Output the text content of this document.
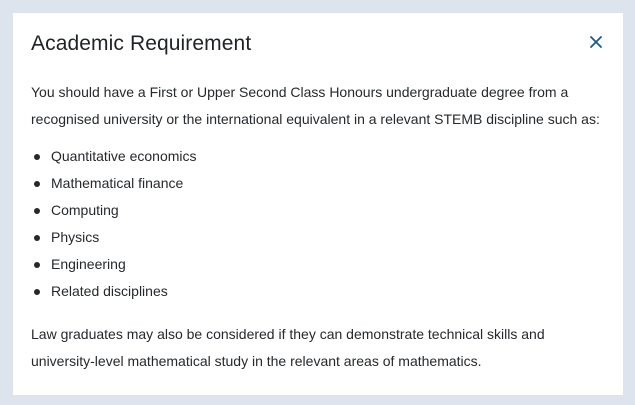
Academic Requirement

You should have a First or Upper Second Class Honours undergraduate degree from a recognised university or the international equivalent in a relevant STEMB discipline such as:

Quantitative economics
Mathematical finance
Computing
Physics
Engineering
Related disciplines

Law graduates may also be considered if they can demonstrate technical skills and university-level mathematical study in the relevant areas of mathematics.
